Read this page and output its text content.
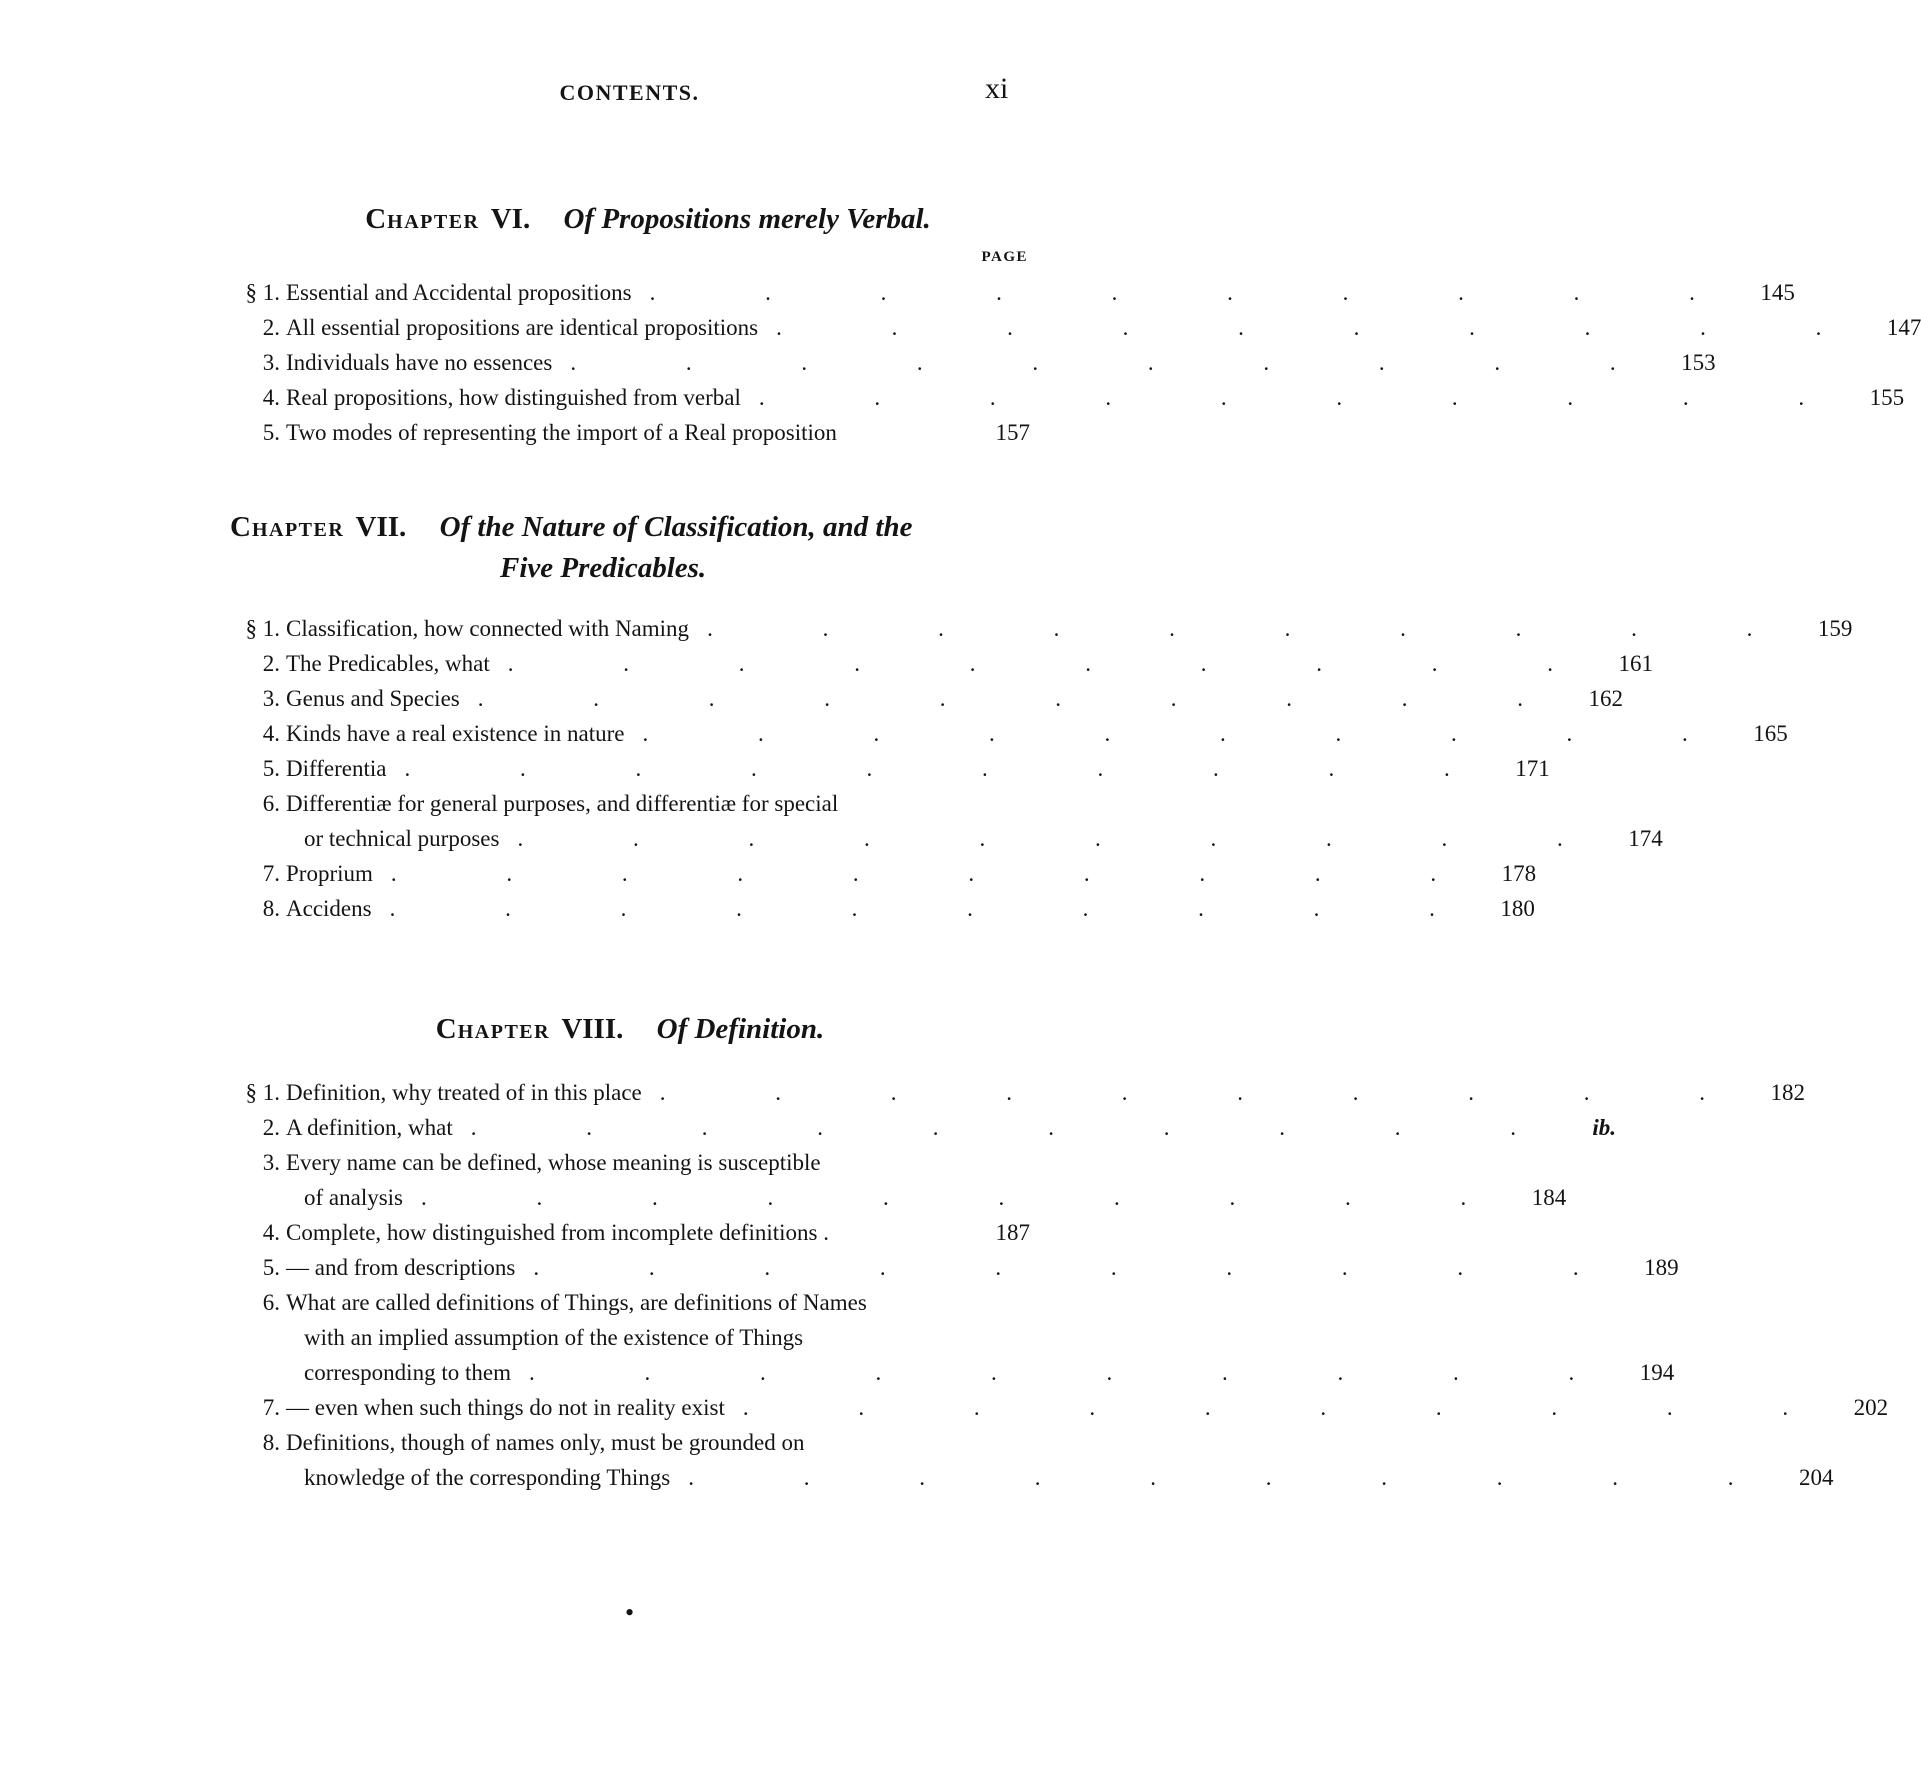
CONTENTS.	xi
CHAPTER VI. Of Propositions merely Verbal.
PAGE
§ 1. Essential and Accidental propositions . . . . . . . . . . 145
2. All essential propositions are identical propositions . . . . . . . . . . 147
3. Individuals have no essences . . . . . . . . . . 153
4. Real propositions, how distinguished from verbal . . . . . . . . . . 155
5. Two modes of representing the import of a Real proposition	157
CHAPTER VII. Of the Nature of Classification, and the
Five Predicables.
§ 1. Classification, how connected with Naming . . . . . . . . . . 159
2. The Predicables, what . . . . . . . . . . 161
3. Genus and Species . . . . . . . . . . 162
4. Kinds have a real existence in nature . . . . . . . . . . 165
5. Differentia . . . . . . . . . . 171
6. Differentiæ for general purposes, and differentiæ for special
or technical purposes . . . . . . . . . . 174
7. Proprium . . . . . . . . . . 178
8. Accidens . . . . . . . . . . 180
CHAPTER VIII. Of Definition.
§ 1. Definition, why treated of in this place . . . . . . . . . . 182
2. A definition, what . . . . . . . . . .	ib.
3. Every name can be defined, whose meaning is susceptible
of analysis . . . . . . . . . . 184
4. Complete, how distinguished from incomplete definitions .	187
5. — and from descriptions . . . . . . . . . . 189
6. What are called definitions of Things, are definitions of Names
with an implied assumption of the existence of Things
corresponding to them . . . . . . . . . . 194
7. — even when such things do not in reality exist . . . . . . . . . . 202
8. Definitions, though of names only, must be grounded on
knowledge of the corresponding Things . . . . . . . . . . 204
•
